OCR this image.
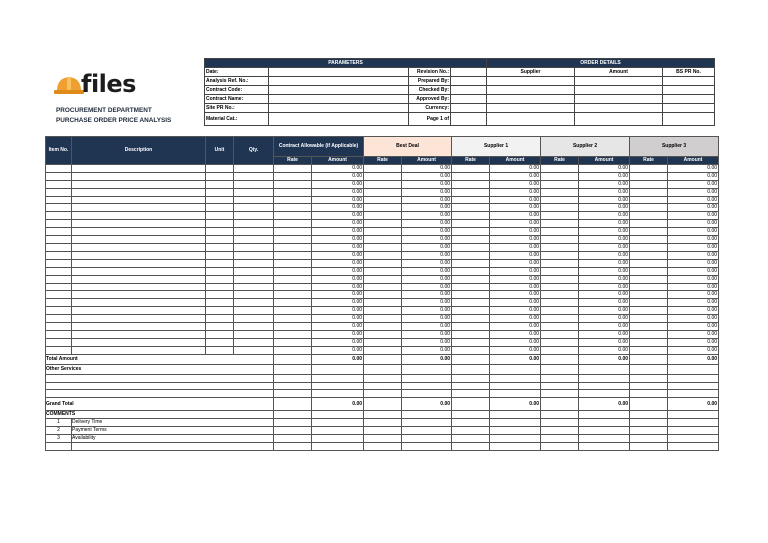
files
PROCUREMENT DEPARTMENT
PURCHASE ORDER PRICE ANALYSIS
PARAMETERS				ORDER DETAILS		
Date:		Revision No.:		Supplier	Amount	BS PR No.
Analysis Ref. No.:		Prepared By:				
Contract Code:		Checked By:				
Contract Name:		Approved By:				
Site PR No.:		Currency:				
Material Cat.:		Page 1 of				
Item No.	Description	Unit	Qty.	Contract Allowable (if Applicable)		Best Deal		Supplier 1		Supplier 2		Supplier 3	
				Rate	Amount	Rate	Amount	Rate	Amount	Rate	Amount	Rate	Amount
					0.00		0.00		0.00		0.00		0.00
					0.00		0.00		0.00		0.00		0.00
					0.00		0.00		0.00		0.00		0.00
					0.00		0.00		0.00		0.00		0.00
					0.00		0.00		0.00		0.00		0.00
					0.00		0.00		0.00		0.00		0.00
					0.00		0.00		0.00		0.00		0.00
					0.00		0.00		0.00		0.00		0.00
					0.00		0.00		0.00		0.00		0.00
					0.00		0.00		0.00		0.00		0.00
					0.00		0.00		0.00		0.00		0.00
					0.00		0.00		0.00		0.00		0.00
					0.00		0.00		0.00		0.00		0.00
					0.00		0.00		0.00		0.00		0.00
					0.00		0.00		0.00		0.00		0.00
					0.00		0.00		0.00		0.00		0.00
					0.00		0.00		0.00		0.00		0.00
					0.00		0.00		0.00		0.00		0.00
					0.00		0.00		0.00		0.00		0.00
					0.00		0.00		0.00		0.00		0.00
					0.00		0.00		0.00		0.00		0.00
					0.00		0.00		0.00		0.00		0.00
					0.00		0.00		0.00		0.00		0.00
					0.00		0.00		0.00		0.00		0.00
Total Amount					0.00		0.00		0.00		0.00		0.00
Other Services													

Grand Total					0.00		0.00		0.00		0.00		0.00
COMMENTS													
1	Delivery Time												
2	Payment Terms												
3	Availability												
